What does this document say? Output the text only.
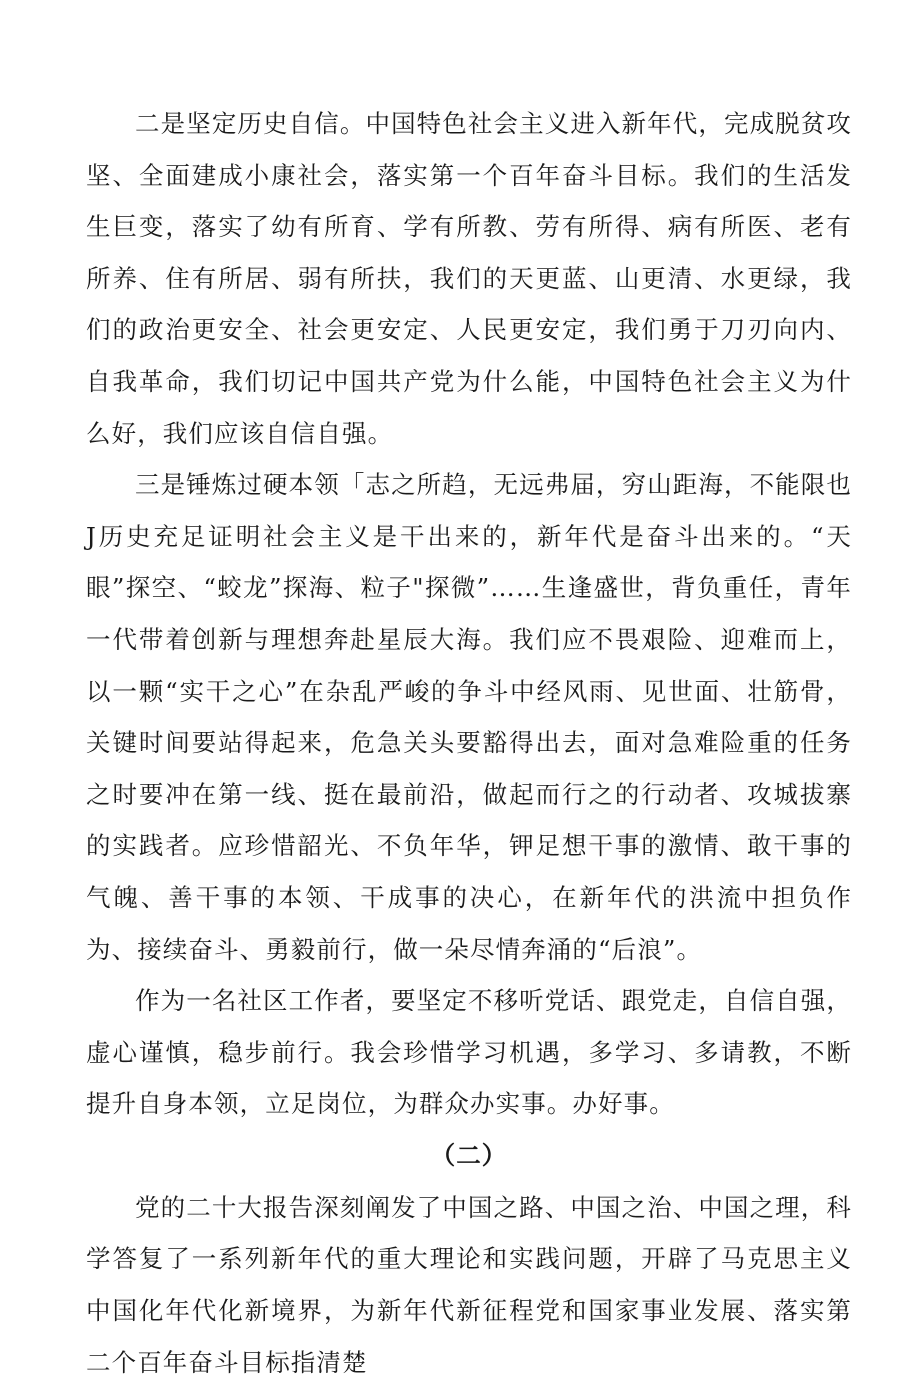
二是坚定历史自信。中国特色社会主义进入新年代，完成脱贫攻坚、全面建成小康社会，落实第一个百年奋斗目标。我们的生活发生巨变，落实了幼有所育、学有所教、劳有所得、病有所医、老有所养、住有所居、弱有所扶，我们的天更蓝、山更清、水更绿，我们的政治更安全、社会更安定、人民更安定，我们勇于刀刃向内、自我革命，我们切记中国共产党为什么能，中国特色社会主义为什么好，我们应该自信自强。

三是锤炼过硬本领「志之所趋，无远弗届，穷山距海，不能限也J历史充足证明社会主义是干出来的，新年代是奋斗出来的。“天眼”探空、“蛟龙”探海、粒子"探微”……生逢盛世，背负重任，青年一代带着创新与理想奔赴星辰大海。我们应不畏艰险、迎难而上，以一颗“实干之心”在杂乱严峻的争斗中经风雨、见世面、壮筋骨，关键时间要站得起来，危急关头要豁得出去，面对急难险重的任务之时要冲在第一线、挺在最前沿，做起而行之的行动者、攻城拔寨的实践者。应珍惜韶光、不负年华，钾足想干事的激情、敢干事的气魄、善干事的本领、干成事的决心，在新年代的洪流中担负作为、接续奋斗、勇毅前行，做一朵尽情奔涌的“后浪”。

作为一名社区工作者，要坚定不移听党话、跟党走，自信自强，虚心谨慎，稳步前行。我会珍惜学习机遇，多学习、多请教，不断提升自身本领，立足岗位，为群众办实事。办好事。

（二）

党的二十大报告深刻阐发了中国之路、中国之治、中国之理，科学答复了一系列新年代的重大理论和实践问题，开辟了马克思主义中国化年代化新境界，为新年代新征程党和国家事业发展、落实第二个百年奋斗目标指清楚
